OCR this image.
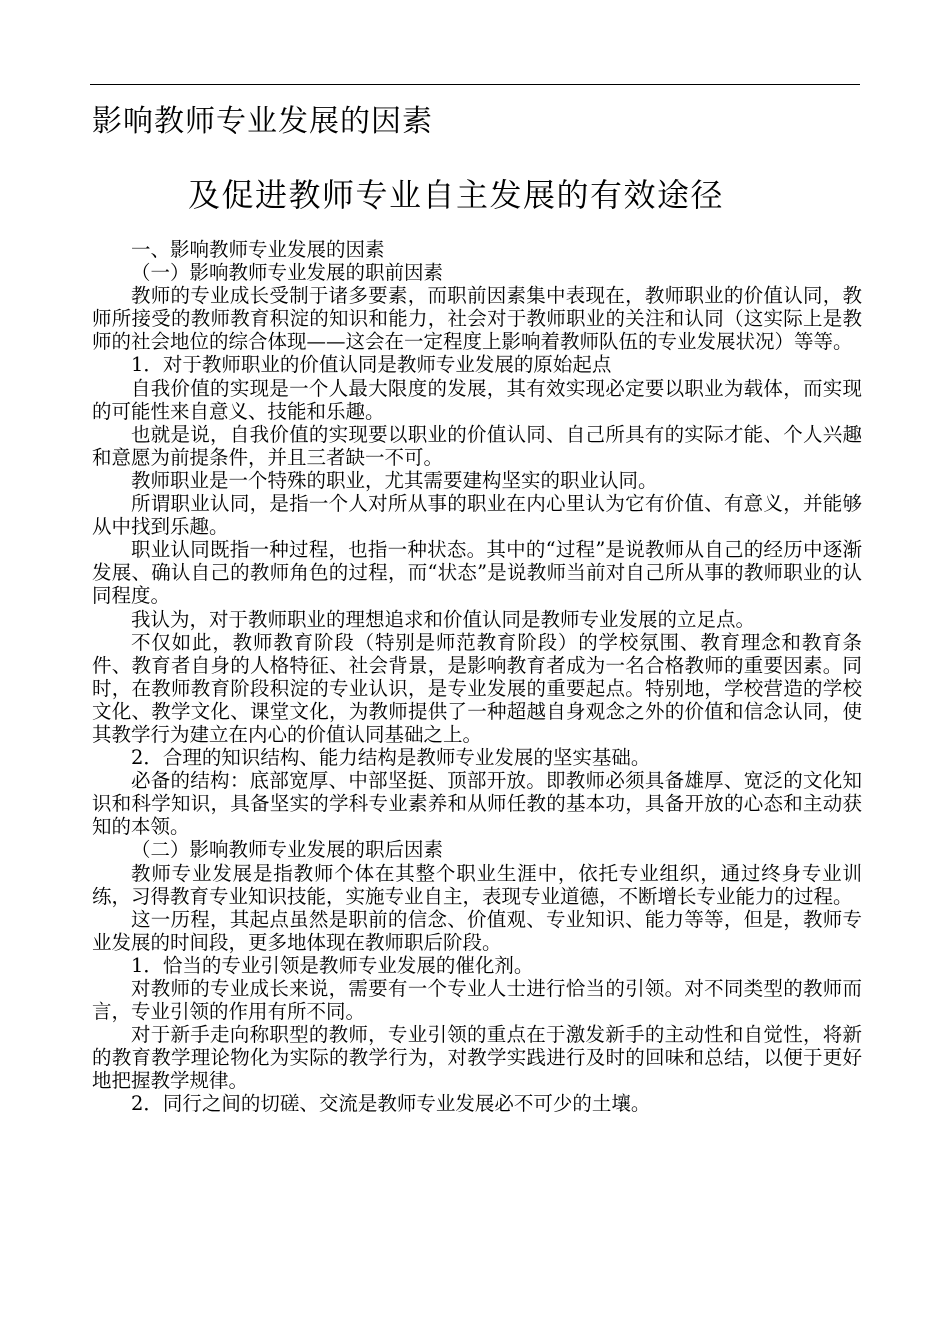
影响教师专业发展的因素
及促进教师专业自主发展的有效途径

一、影响教师专业发展的因素

（一）影响教师专业发展的职前因素

教师的专业成长受制于诸多要素，而职前因素集中表现在，教师职业的价值认同，教师所接受的教师教育积淀的知识和能力，社会对于教师职业的关注和认同（这实际上是教师的社会地位的综合体现——这会在一定程度上影响着教师队伍的专业发展状况）等等。

1．对于教师职业的价值认同是教师专业发展的原始起点

自我价值的实现是一个人最大限度的发展，其有效实现必定要以职业为载体，而实现的可能性来自意义、技能和乐趣。

也就是说，自我价值的实现要以职业的价值认同、自己所具有的实际才能、个人兴趣和意愿为前提条件，并且三者缺一不可。

教师职业是一个特殊的职业，尤其需要建构坚实的职业认同。

所谓职业认同，是指一个人对所从事的职业在内心里认为它有价值、有意义，并能够从中找到乐趣。

职业认同既指一种过程，也指一种状态。其中的“过程”是说教师从自己的经历中逐渐发展、确认自己的教师角色的过程，而“状态”是说教师当前对自己所从事的教师职业的认同程度。

我认为，对于教师职业的理想追求和价值认同是教师专业发展的立足点。

不仅如此，教师教育阶段（特别是师范教育阶段）的学校氛围、教育理念和教育条件、教育者自身的人格特征、社会背景，是影响教育者成为一名合格教师的重要因素。同时，在教师教育阶段积淀的专业认识，是专业发展的重要起点。特别地，学校营造的学校文化、教学文化、课堂文化，为教师提供了一种超越自身观念之外的价值和信念认同，使其教学行为建立在内心的价值认同基础之上。

2．合理的知识结构、能力结构是教师专业发展的坚实基础。

必备的结构：底部宽厚、中部坚挺、顶部开放。即教师必须具备雄厚、宽泛的文化知识和科学知识，具备坚实的学科专业素养和从师任教的基本功，具备开放的心态和主动获知的本领。

（二）影响教师专业发展的职后因素

教师专业发展是指教师个体在其整个职业生涯中，依托专业组织，通过终身专业训练，习得教育专业知识技能，实施专业自主，表现专业道德，不断增长专业能力的过程。

这一历程，其起点虽然是职前的信念、价值观、专业知识、能力等等，但是，教师专业发展的时间段，更多地体现在教师职后阶段。

1．恰当的专业引领是教师专业发展的催化剂。

对教师的专业成长来说，需要有一个专业人士进行恰当的引领。对不同类型的教师而言，专业引领的作用有所不同。

对于新手走向称职型的教师，专业引领的重点在于激发新手的主动性和自觉性，将新的教育教学理论物化为实际的教学行为，对教学实践进行及时的回味和总结，以便于更好地把握教学规律。

2．同行之间的切磋、交流是教师专业发展必不可少的土壤。
